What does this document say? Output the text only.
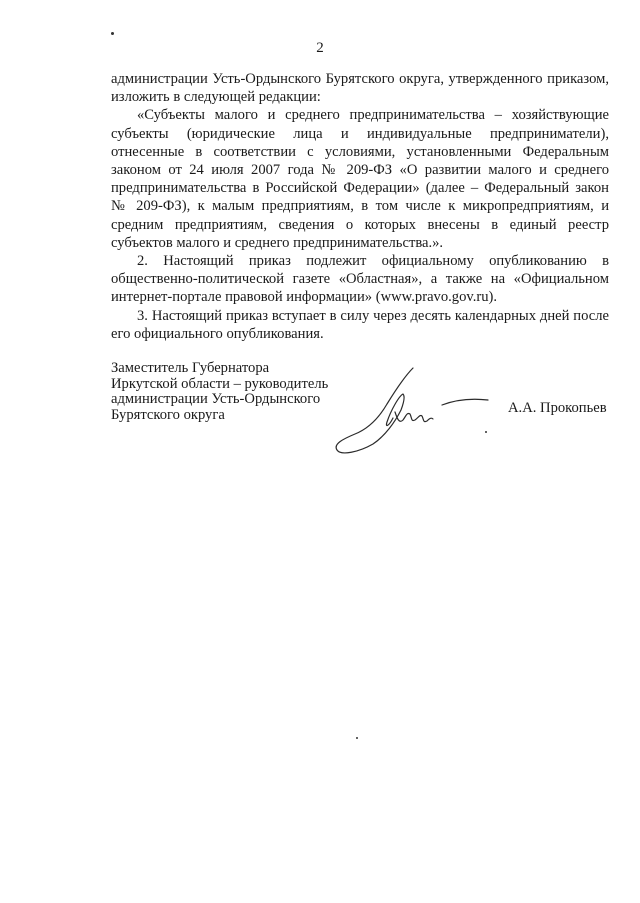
2

администрации Усть-Ордынского Бурятского округа, утвержденного приказом, изложить в следующей редакции:

«Субъекты малого и среднего предпринимательства – хозяйствующие субъекты (юридические лица и индивидуальные предприниматели), отнесенные в соответствии с условиями, установленными Федеральным законом от 24 июля 2007 года № 209-ФЗ «О развитии малого и среднего предпринимательства в Российской Федерации» (далее – Федеральный закон № 209-ФЗ), к малым предприятиям, в том числе к микропредприятиям, и средним предприятиям, сведения о которых внесены в единый реестр субъектов малого и среднего предпринимательства.».

2. Настоящий приказ подлежит официальному опубликованию в общественно-политической газете «Областная», а также на «Официальном интернет-портале правовой информации» (www.pravo.gov.ru).

3. Настоящий приказ вступает в силу через десять календарных дней после его официального опубликования.

Заместитель Губернатора
Иркутской области – руководитель
администрации Усть-Ордынского
Бурятского округа	А.А. Прокопьев
